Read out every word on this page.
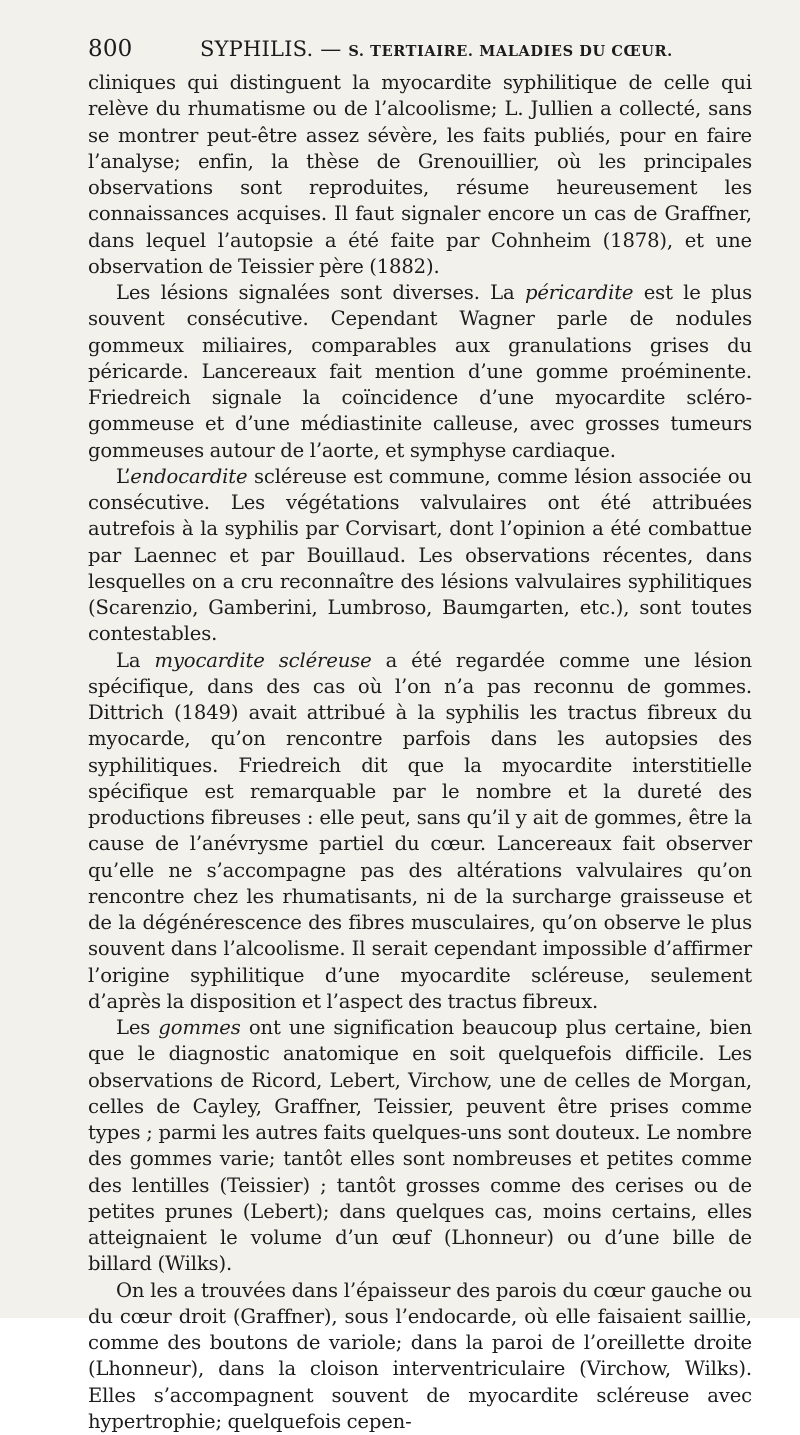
800	SYPHILIS. — S. TERTIAIRE. MALADIES DU CŒUR.

cliniques qui distinguent la myocardite syphilitique de celle qui relève du rhumatisme ou de l’alcoolisme; L. Jullien a collecté, sans se montrer peut-être assez sévère, les faits publiés, pour en faire l’analyse; enfin, la thèse de Grenouillier, où les principales observations sont reproduites, résume heureusement les connaissances acquises. Il faut signaler encore un cas de Graffner, dans lequel l’autopsie a été faite par Cohnheim (1878), et une observation de Teissier père (1882).

Les lésions signalées sont diverses. La péricardite est le plus souvent consécutive. Cependant Wagner parle de nodules gommeux miliaires, comparables aux granulations grises du péricarde. Lancereaux fait mention d’une gomme proéminente. Friedreich signale la coïncidence d’une myocardite scléro-gommeuse et d’une médiastinite calleuse, avec grosses tumeurs gommeuses autour de l’aorte, et symphyse cardiaque.

L’endocardite scléreuse est commune, comme lésion associée ou consécutive. Les végétations valvulaires ont été attribuées autrefois à la syphilis par Corvisart, dont l’opinion a été combattue par Laennec et par Bouillaud. Les observations récentes, dans lesquelles on a cru reconnaître des lésions valvulaires syphilitiques (Scarenzio, Gamberini, Lumbroso, Baumgarten, etc.), sont toutes contestables.

La myocardite scléreuse a été regardée comme une lésion spécifique, dans des cas où l’on n’a pas reconnu de gommes. Dittrich (1849) avait attribué à la syphilis les tractus fibreux du myocarde, qu’on rencontre parfois dans les autopsies des syphilitiques. Friedreich dit que la myocardite interstitielle spécifique est remarquable par le nombre et la dureté des productions fibreuses : elle peut, sans qu’il y ait de gommes, être la cause de l’anévrysme partiel du cœur. Lancereaux fait observer qu’elle ne s’accompagne pas des altérations valvulaires qu’on rencontre chez les rhumatisants, ni de la surcharge graisseuse et de la dégénérescence des fibres musculaires, qu’on observe le plus souvent dans l’alcoolisme. Il serait cependant impossible d’affirmer l’origine syphilitique d’une myocardite scléreuse, seulement d’après la disposition et l’aspect des tractus fibreux.

Les gommes ont une signification beaucoup plus certaine, bien que le diagnostic anatomique en soit quelquefois difficile. Les observations de Ricord, Lebert, Virchow, une de celles de Morgan, celles de Cayley, Graffner, Teissier, peuvent être prises comme types ; parmi les autres faits quelques-uns sont douteux. Le nombre des gommes varie; tantôt elles sont nombreuses et petites comme des lentilles (Teissier) ; tantôt grosses comme des cerises ou de petites prunes (Lebert); dans quelques cas, moins certains, elles atteignaient le volume d’un œuf (Lhonneur) ou d’une bille de billard (Wilks).

On les a trouvées dans l’épaisseur des parois du cœur gauche ou du cœur droit (Graffner), sous l’endocarde, où elle faisaient saillie, comme des boutons de variole; dans la paroi de l’oreillette droite (Lhonneur), dans la cloison interventriculaire (Virchow, Wilks). Elles s’accompagnent souvent de myocardite scléreuse avec hypertrophie; quelquefois cepen-
